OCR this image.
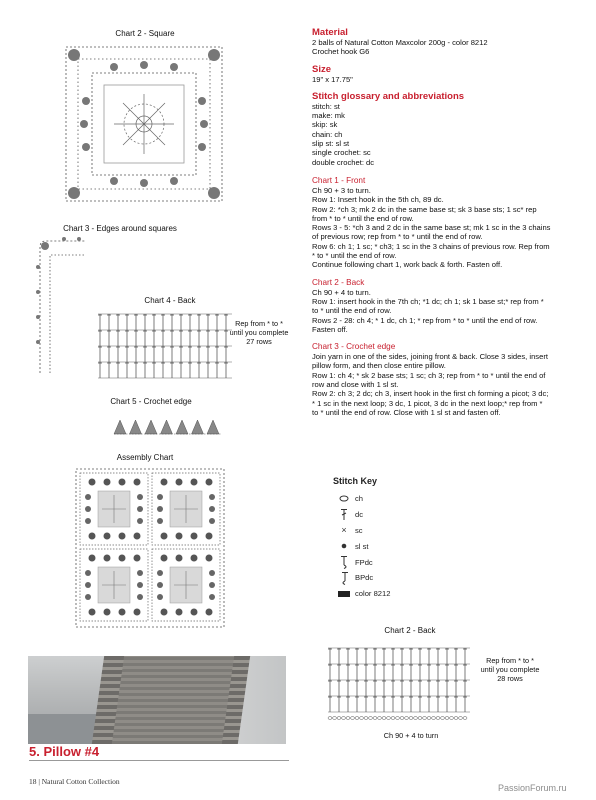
Chart 2 - Square
Chart 3 - Edges around squares
Chart 4 - Back
Rep from * to *
until you complete
27 rows
Chart 5 - Crochet edge
Assembly Chart
5. Pillow #4
18 | Natural Cotton Collection
PassionForum.ru
Material
2 balls of Natural Cotton Maxcolor 200g - color 8212
Crochet hook G6
Size
19" x 17.75"
Stitch glossary and abbreviations
stitch: st
make: mk
skip: sk
chain: ch
slip st: sl st
single crochet: sc
double crochet: dc
Chart 1 - Front
Ch 90 + 3 to turn.
Row 1: Insert hook in the 5th ch, 89 dc.
Row 2: *ch 3; mk 2 dc in the same base st; sk 3 base sts; 1 sc* rep
from * to * until the end of row.
Rows 3 - 5: *ch 3 and 2 dc in the same base st; mk 1 sc in the 3 chains
of previous row; rep from * to * until the end of row.
Row 6: ch 1; 1 sc; * ch3; 1 sc in the 3 chains of previous row. Rep from
* to * until the end of row.
Continue following chart 1, work back & forth. Fasten off.
Chart 2 - Back
Ch 90 + 4 to turn.
Row 1: insert hook in the 7th ch; *1 dc; ch 1; sk 1 base st;* rep from *
to * until the end of row.
Rows 2 - 28: ch 4; * 1 dc, ch 1; * rep from * to * until the end of row.
Fasten off.
Chart 3 - Crochet edge
Join yarn in one of the sides, joining front & back. Close 3 sides, insert
pillow form, and then close entire pillow.
Row 1: ch 4; * sk 2 base sts; 1 sc; ch 3; rep from * to * until the end of
row and close with 1 sl st.
Row 2: ch 3; 2 dc; ch 3, insert hook in the first ch forming a picot; 3 dc;
* 1 sc in the next loop; 3 dc, 1 picot, 3 dc in the next loop;* rep from *
to * until the end of row. Close with 1 sl st and fasten off.
Stitch Key
ch
dc
×	sc
sl st
FPdc
BPdc
color 8212
Chart 2 - Back
Rep from * to *
until you complete
28 rows
Ch 90 + 4 to turn
